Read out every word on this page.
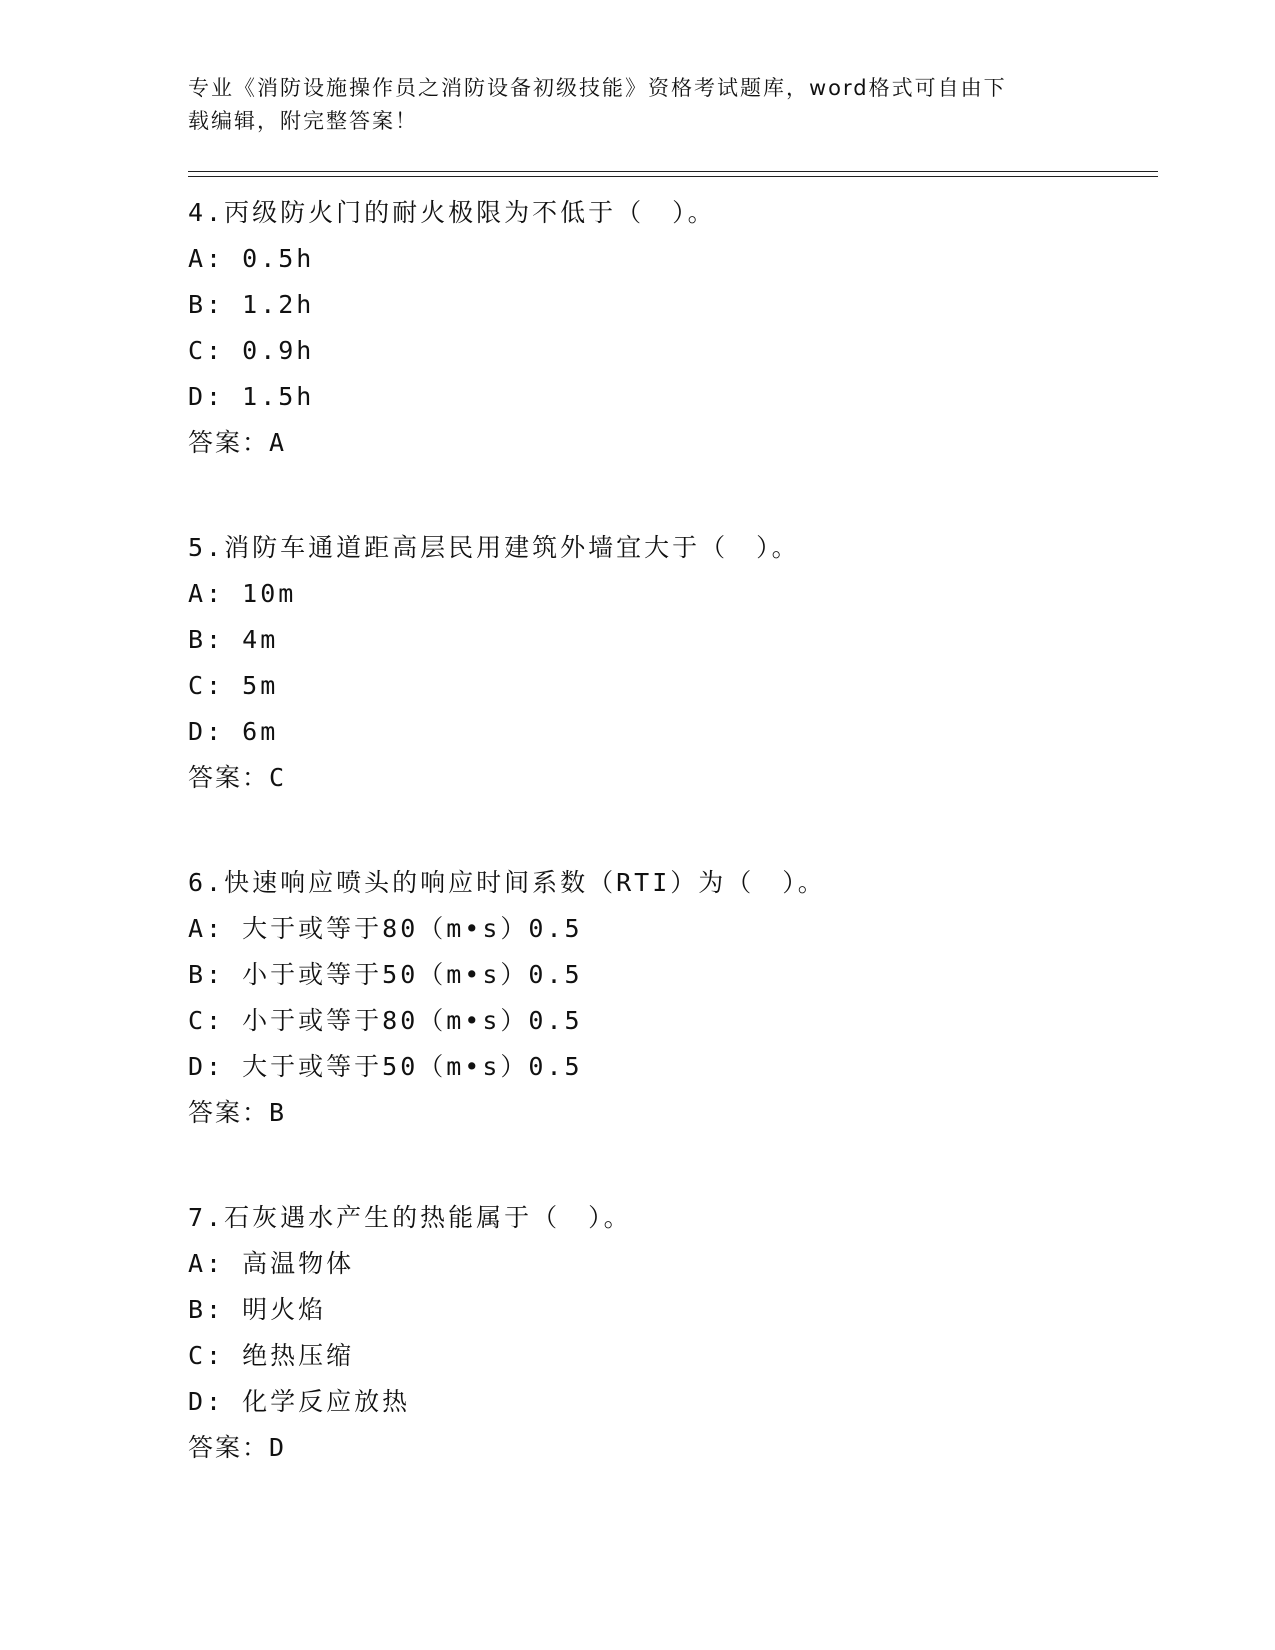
专业《消防设施操作员之消防设备初级技能》资格考试题库，word格式可自由下
载编辑，附完整答案！
4.丙级防火门的耐火极限为不低于（　）。
A: 0.5h
B: 1.2h
C: 0.9h
D: 1.5h
答案：A
5.消防车通道距高层民用建筑外墙宜大于（　）。
A: 10m
B: 4m
C: 5m
D: 6m
答案：C
6.快速响应喷头的响应时间系数（RTI）为（　）。
A: 大于或等于80（m•s）0.5
B: 小于或等于50（m•s）0.5
C: 小于或等于80（m•s）0.5
D: 大于或等于50（m•s）0.5
答案：B
7.石灰遇水产生的热能属于（　）。
A: 高温物体
B: 明火焰
C: 绝热压缩
D: 化学反应放热
答案：D
